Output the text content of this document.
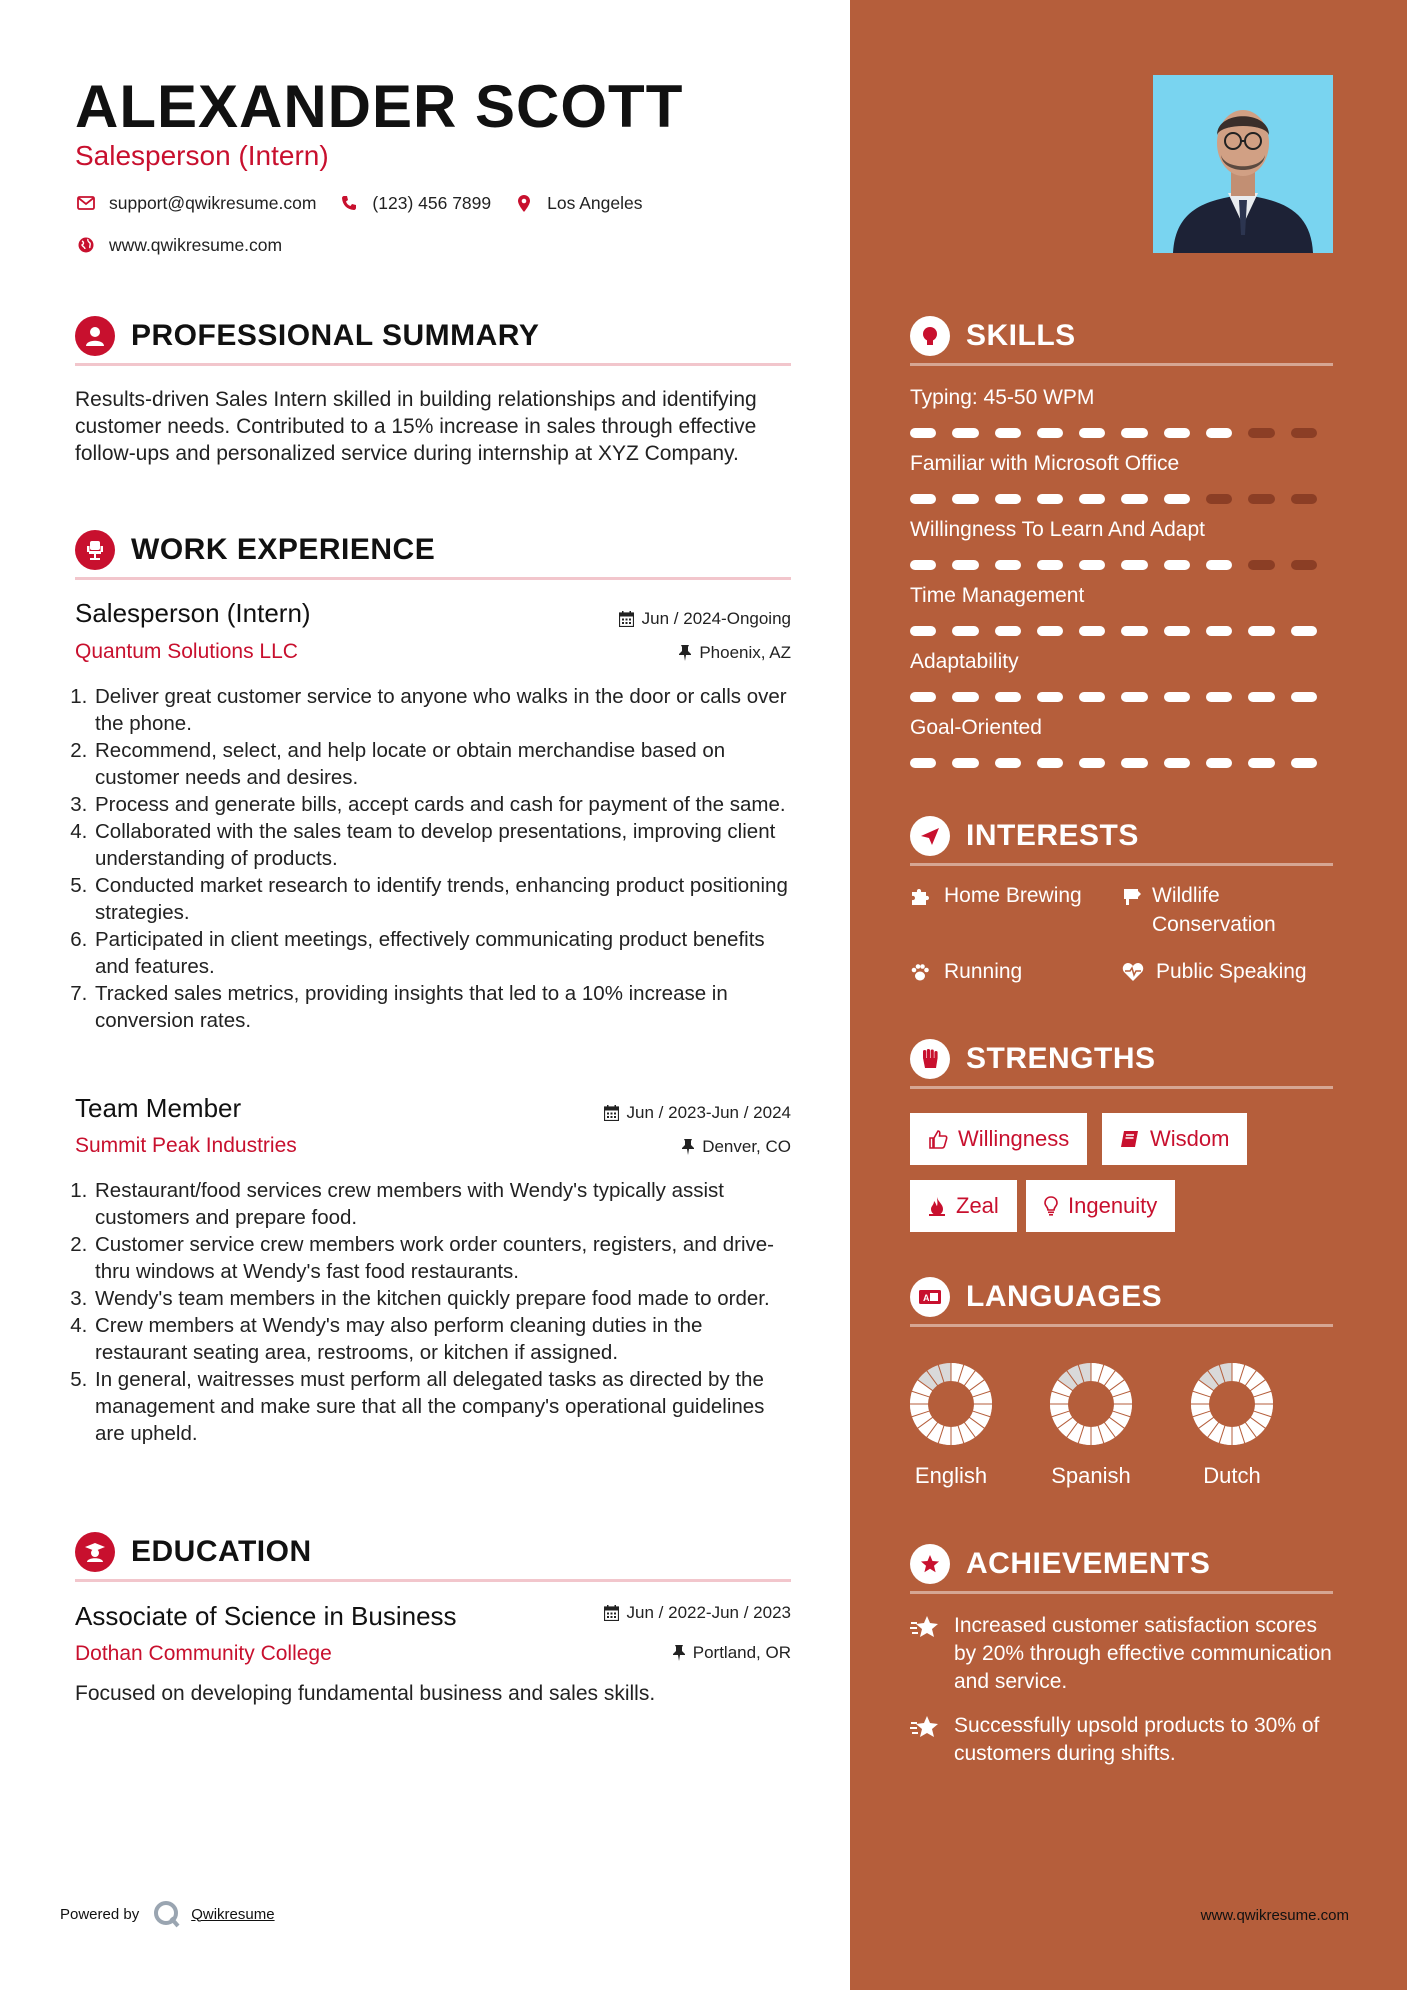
ALEXANDER SCOTT
Salesperson (Intern)
support@qwikresume.com	(123) 456 7899	Los Angeles
www.qwikresume.com
PROFESSIONAL SUMMARY
Results-driven Sales Intern skilled in building relationships and identifying customer needs. Contributed to a 15% increase in sales through effective follow-ups and personalized service during internship at XYZ Company.
WORK EXPERIENCE
Salesperson (Intern)	Jun / 2024-Ongoing
Quantum Solutions LLC	Phoenix, AZ
1. Deliver great customer service to anyone who walks in the door or calls over the phone.
2. Recommend, select, and help locate or obtain merchandise based on customer needs and desires.
3. Process and generate bills, accept cards and cash for payment of the same.
4. Collaborated with the sales team to develop presentations, improving client understanding of products.
5. Conducted market research to identify trends, enhancing product positioning strategies.
6. Participated in client meetings, effectively communicating product benefits and features.
7. Tracked sales metrics, providing insights that led to a 10% increase in conversion rates.
Team Member	Jun / 2023-Jun / 2024
Summit Peak Industries	Denver, CO
1. Restaurant/food services crew members with Wendy's typically assist customers and prepare food.
2. Customer service crew members work order counters, registers, and drive-thru windows at Wendy's fast food restaurants.
3. Wendy's team members in the kitchen quickly prepare food made to order.
4. Crew members at Wendy's may also perform cleaning duties in the restaurant seating area, restrooms, or kitchen if assigned.
5. In general, waitresses must perform all delegated tasks as directed by the management and make sure that all the company's operational guidelines are upheld.
EDUCATION
Associate of Science in Business	Jun / 2022-Jun / 2023
Dothan Community College	Portland, OR
Focused on developing fundamental business and sales skills.
Powered by	Qwikresume
SKILLS
Typing: 45-50 WPM
Familiar with Microsoft Office
Willingness To Learn And Adapt
Time Management
Adaptability
Goal-Oriented
INTERESTS
Home Brewing	Wildlife Conservation
Running	Public Speaking
STRENGTHS
Willingness	Wisdom
Zeal	Ingenuity
A LANGUAGES
English	Spanish	Dutch
ACHIEVEMENTS
Increased customer satisfaction scores by 20% through effective communication and service.
Successfully upsold products to 30% of customers during shifts.
www.qwikresume.com
